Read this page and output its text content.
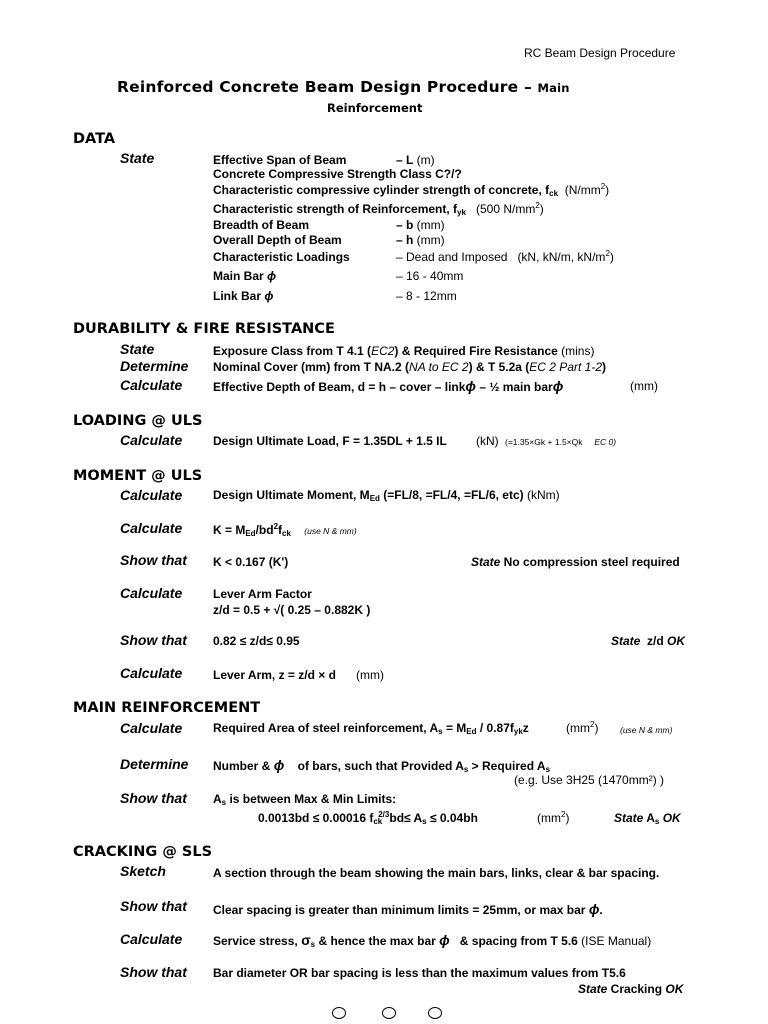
RC Beam Design Procedure
Reinforced Concrete Beam Design Procedure – Main
Reinforcement
DATA
State	Effective Span of Beam	– L (m)
Concrete Compressive Strength Class C?/?
Characteristic compressive cylinder strength of concrete, $f_{ck}$ $(N/mm^2)$
Characteristic strength of Reinforcement, $f_{yk}$ (500 $N/mm^2$)
Breadth of Beam	– b (mm)
Overall Depth of Beam	– h (mm)
Characteristic Loadings	– Dead and Imposed (kN, kN/m, $kN/m^2$)
Main Bar ϕ	– 16 - 40mm
Link Bar ϕ	– 8 - 12mm
DURABILITY & FIRE RESISTANCE
State	Exposure Class from T 4.1 (EC2) & Required Fire Resistance (mins)
Determine Nominal Cover (mm) from T NA.2 (NA to EC 2) & T 5.2a (EC 2 Part 1-2)
Calculate	Effective Depth of Beam, d = h – cover – linkϕ – ½ main barϕ	(mm)
LOADING @ ULS
Calculate	Design Ultimate Load, F = 1.35DL + 1.5 IL (kN) (=1.35×Gk + 1.5×Qk EC 0)
MOMENT @ ULS
Calculate	Design Ultimate Moment, $M_{Ed}$ (=FL/8, =FL/4, =FL/6, etc) (kNm)
Calculate	$K = M_{Ed}/bd^2f_{ck}$ (use N & mm)
Show that K < 0.167 (K')	State No compression steel required
Calculate	Lever Arm Factor
z/d = 0.5 + √( 0.25 – 0.882K )
Show that 0.82 ≤ z/d≤ 0.95	State z/d OK
Calculate	Lever Arm, z = z/d × d (mm)
MAIN REINFORCEMENT
Calculate	Required Area of steel reinforcement, $A_s = M_{Ed} / 0.87f_{yk}z$	$(mm^2)$	(use N & mm)
Determine Number & ϕ of bars, such that Provided $A_s$ > Required $A_s$
(e.g. Use 3H25 (1470mm²) )
Show that $A_s$ is between Max & Min Limits:
0.0013bd ≤ 0.00016 $f_{ck}^{2/3}bd\le A_s \le 0.04bh$	$(mm^2)$	State $A_s$ OK
CRACKING @ SLS
Sketch	A section through the beam showing the main bars, links, clear & bar spacing.
Show that Clear spacing is greater than minimum limits = 25mm, or max bar ϕ.
Calculate	Service stress, $\sigma_s$ & hence the max bar ϕ & spacing from T 5.6 (ISE Manual)
Show that Bar diameter OR bar spacing is less than the maximum values from T5.6
State Cracking OK
